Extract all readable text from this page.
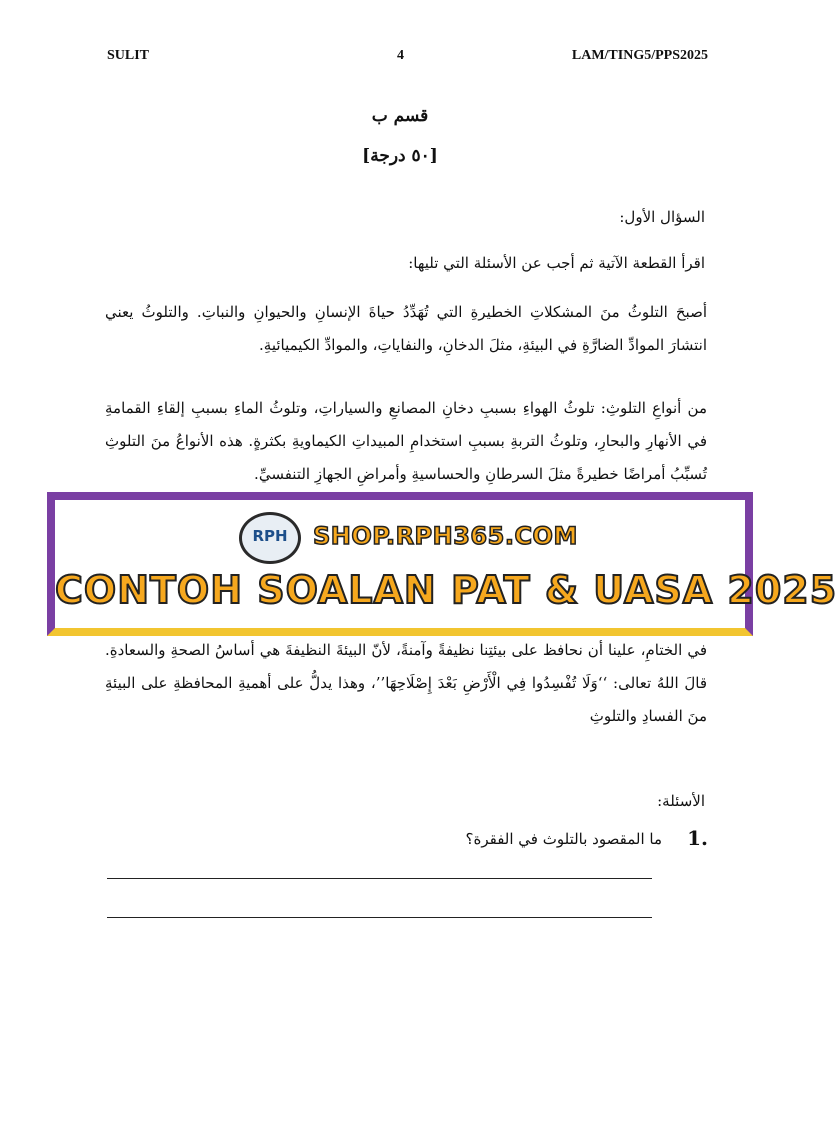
SULIT	4	LAM/TING5/PPS2025
قسم ب
[٥٠ درجة]
السؤال الأول:
اقرأ القطعة الآتية ثم أجب عن الأسئلة التي تليها:
أصبحَ التلوثُ منَ المشكلاتِ الخطيرةِ التي تُهَدِّدُ حياةَ الإنسانِ والحيوانِ والنباتِ. والتلوثُ يعني انتشارَ الموادِّ الضارَّةِ في البيئةِ، مثلَ الدخانِ، والنفاياتِ، والموادِّ الكيميائيةِ.
من أنواعِ التلوثِ: تلوثُ الهواءِ بسببِ دخانِ المصانعِ والسياراتِ، وتلوثُ الماءِ بسببِ إلقاءِ القمامةِ في الأنهارِ والبحارِ، وتلوثُ التربةِ بسببِ استخدامِ المبيداتِ الكيماويةِ بكثرةٍ. هذه الأنواعُ منَ التلوثِ تُسبِّبُ أمراضًا خطيرةً مثلَ السرطانِ والحساسيةِ وأمراضِ الجهازِ التنفسيِّ.
RPH	SHOP.RPH365.COM
CONTOH SOALAN PAT & UASA 2025
في الختامِ، علينا أن نحافظ على بيئتِنا نظيفةً وآمنةً، لأنّ البيئةَ النظيفةَ هي أساسُ الصحةِ والسعادةِ. قالَ اللهُ تعالى: ‘‘وَلَا تُفْسِدُوا فِي الْأَرْضِ بَعْدَ إِصْلَاحِهَا’’، وهذا يدلُّ على أهميةِ المحافظةِ على البيئةِ منَ الفسادِ والتلوثِ
الأسئلة:
1.
ما المقصود بالتلوث في الفقرة؟
